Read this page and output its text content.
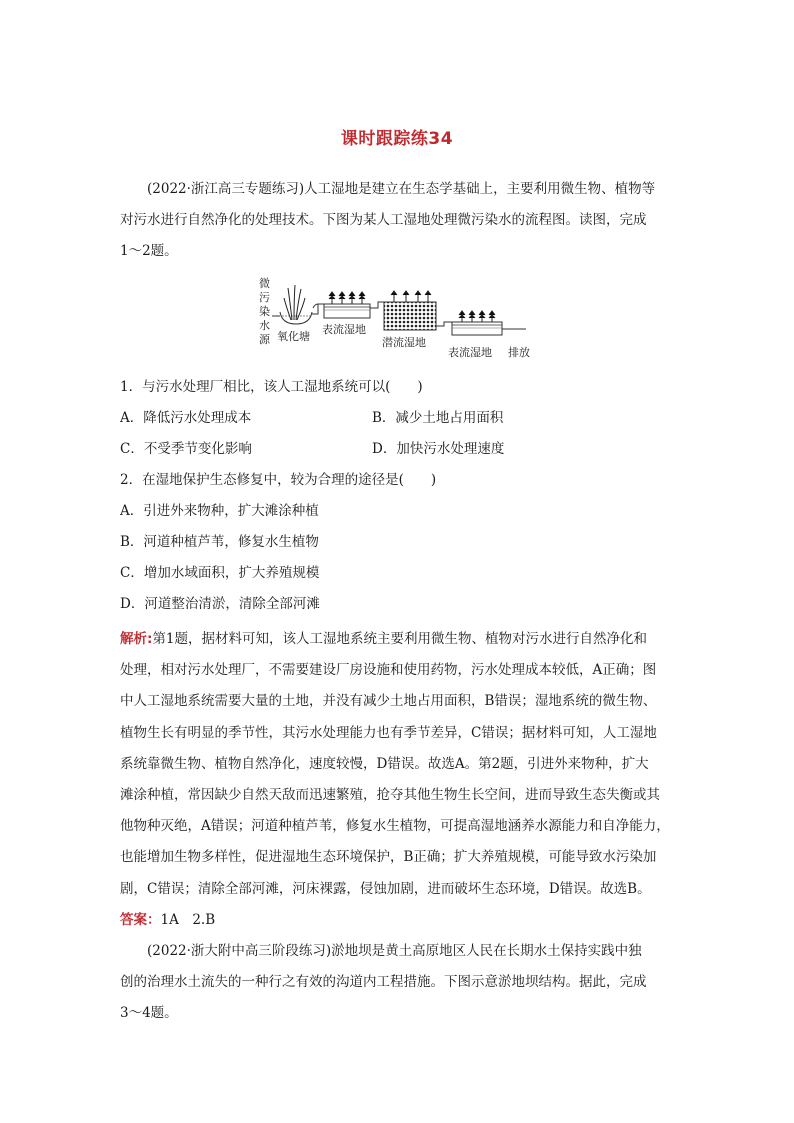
课时跟踪练34
(2022·浙江高三专题练习)人工湿地是建立在生态学基础上，主要利用微生物、植物等
对污水进行自然净化的处理技术。下图为某人工湿地处理微污染水的流程图。读图，完成
1～2题。
微
污
染
水
源 氧化塘
表流湿地
潜流湿地
表流湿地 排放
1．与污水处理厂相比，该人工湿地系统可以(　　)
A．降低污水处理成本	B．减少土地占用面积
C．不受季节变化影响	D．加快污水处理速度
2．在湿地保护生态修复中，较为合理的途径是(　　)
A．引进外来物种，扩大滩涂种植
B．河道种植芦苇，修复水生植物
C．增加水域面积，扩大养殖规模
D．河道整治清淤，清除全部河滩
解析:第1题，据材料可知，该人工湿地系统主要利用微生物、植物对污水进行自然净化和
处理，相对污水处理厂，不需要建设厂房设施和使用药物，污水处理成本较低，A正确；图
中人工湿地系统需要大量的土地，并没有减少土地占用面积，B错误；湿地系统的微生物、
植物生长有明显的季节性，其污水处理能力也有季节差异，C错误；据材料可知，人工湿地
系统靠微生物、植物自然净化，速度较慢，D错误。故选A。第2题，引进外来物种，扩大
滩涂种植，常因缺少自然天敌而迅速繁殖，抢夺其他生物生长空间，进而导致生态失衡或其
他物种灭绝，A错误；河道种植芦苇，修复水生植物，可提高湿地涵养水源能力和自净能力，
也能增加生物多样性，促进湿地生态环境保护，B正确；扩大养殖规模，可能导致水污染加
剧，C错误；清除全部河滩，河床裸露，侵蚀加剧，进而破坏生态环境，D错误。故选B。
答案：1A　2.B
(2022·浙大附中高三阶段练习)淤地坝是黄土高原地区人民在长期水土保持实践中独
创的治理水土流失的一种行之有效的沟道内工程措施。下图示意淤地坝结构。据此，完成
3～4题。
